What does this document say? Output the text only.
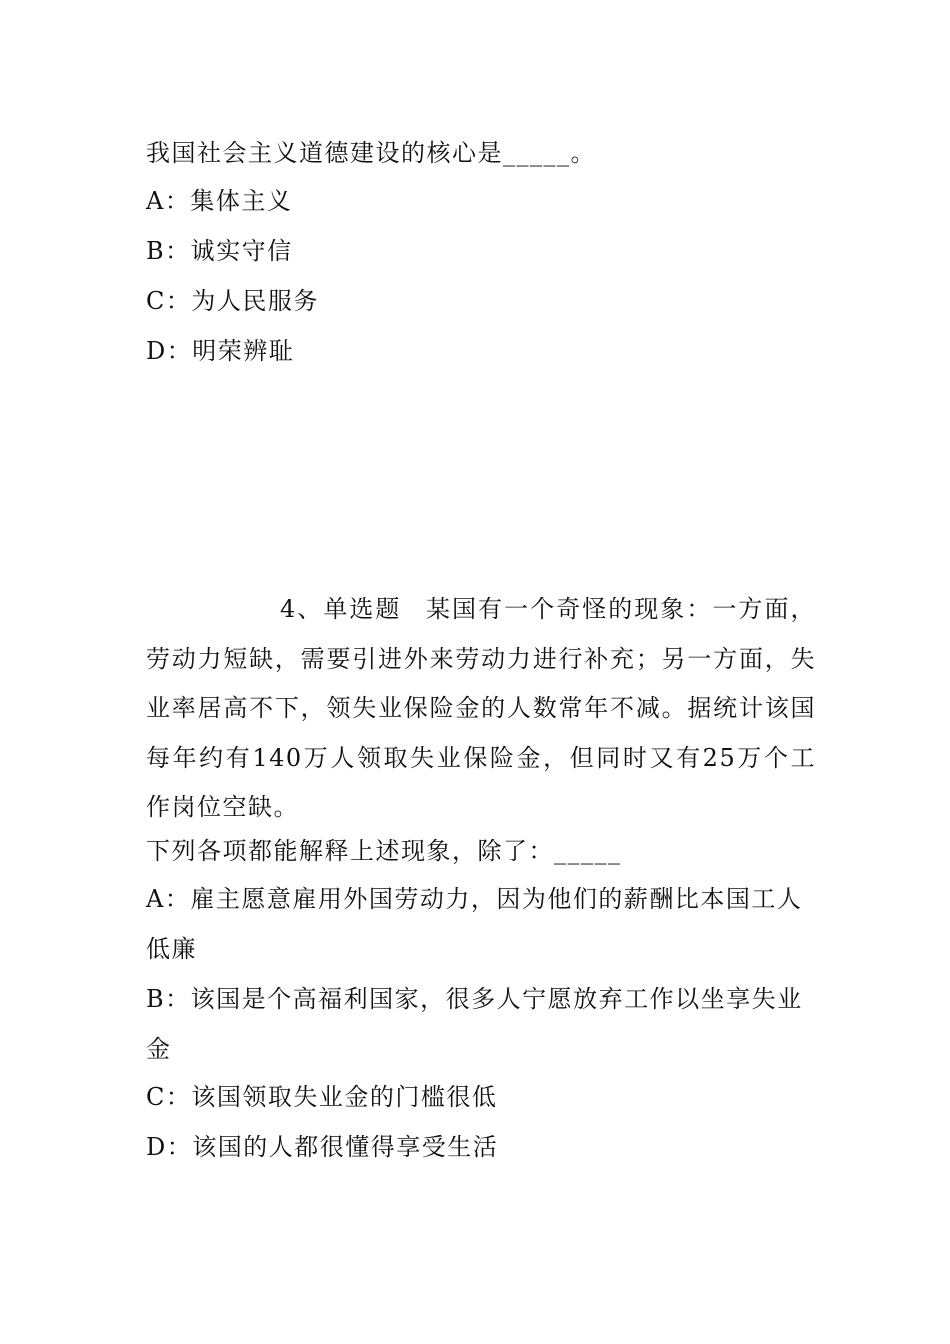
我国社会主义道德建设的核心是_____。
A：集体主义
B：诚实守信
C：为人民服务
D：明荣辨耻
4、单选题 某国有一个奇怪的现象：一方面，劳动力短缺，需要引进外来劳动力进行补充；另一方面，失业率居高不下，领失业保险金的人数常年不减。据统计该国每年约有140万人领取失业保险金，但同时又有25万个工作岗位空缺。
下列各项都能解释上述现象，除了：_____
A：雇主愿意雇用外国劳动力，因为他们的薪酬比本国工人低廉
B：该国是个高福利国家，很多人宁愿放弃工作以坐享失业金
C：该国领取失业金的门槛很低
D：该国的人都很懂得享受生活
